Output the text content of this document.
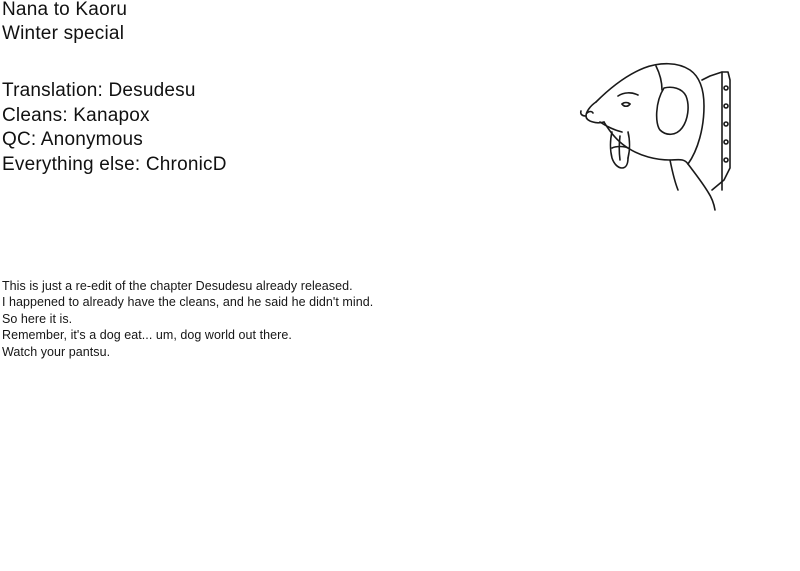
Nana to Kaoru
Winter special
Translation: Desudesu
Cleans: Kanapox
QC: Anonymous
Everything else: ChronicD
This is just a re-edit of the chapter Desudesu already released.
I happened to already have the cleans, and he said he didn't mind.
So here it is.
Remember, it's a dog eat... um, dog world out there.
Watch your pantsu.
